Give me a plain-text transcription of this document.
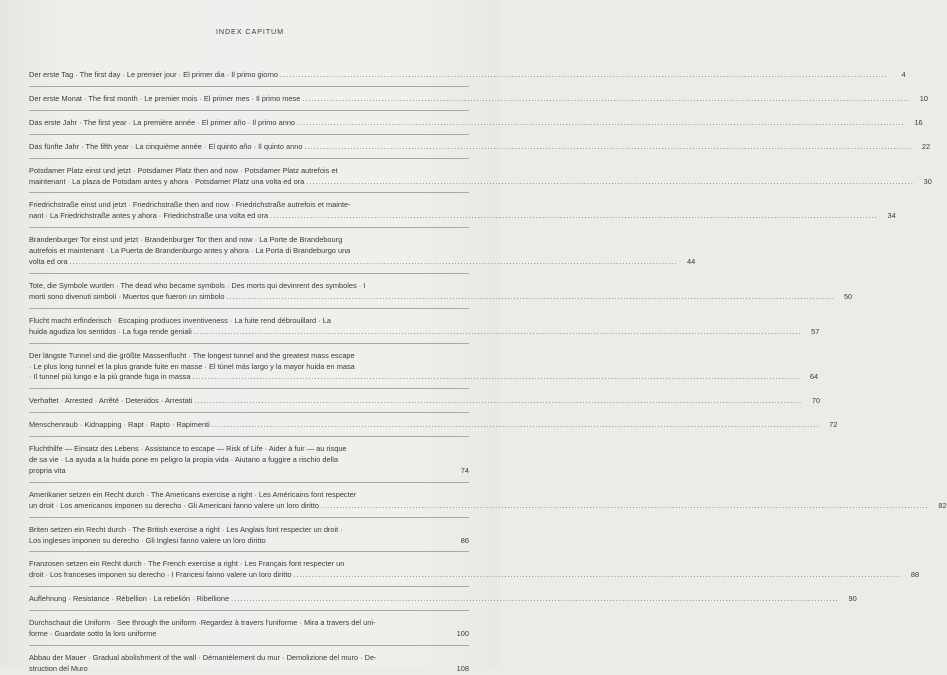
INDEX CAPITUM
Der erste Tag · The first day · Le premier jour · El primer dia · Il primo giorno .....	4
Der erste Monat · The first month · Le premier mois · El primer mes · Il primo mese .....	10
Das erste Jahr · The first year · La première année · El primer año · Il primo anno .....	16
Das fünfte Jahr · The fifth year · La cinquième année · El quinto año · Il quinto anno .....	22
Potsdamer Platz einst und jetzt · Potsdamer Platz then and now · Potsdamer Platz autrefois et
maintenant · La plaza de Potsdam antes y ahora · Potsdamer Platz una volta ed ora .....	30
Friedrichstraße einst und jetzt · Friedrichstraße then and now · Friedrichstraße autrefois et mainte-
nant · La Friedrichstraße antes y ahora · Friedrichstraße una volta ed ora .....	34
Brandenburger Tor einst und jetzt · Brandenburger Tor then and now · La Porte de Brandebourg
autrefois et maintenant · La Puerta de Brandenburgo antes y ahora · La Porta di Brandeburgo una
volta ed ora .....	44
Tote, die Symbole wurden · The dead who became symbols · Des morts qui devinrent des symboles · I
morti sono divenuti simboli · Muertos que fueron un simbolo .....	50
Flucht macht erfinderisch · Escaping produces inventiveness · La fuite rend débrouillard · La
huida agudiza los sentidos · La fuga rende geniali .....	57
Der längste Tunnel und die größte Massenflucht · The longest tunnel and the greatest mass escape
· Le plus long tunnel et la plus grande fuite en masse · El túnel más largo y la mayor huida en masa
· Il tunnel più lungo e la più grande fuga in massa .....	64
Verhaftet · Arrested · Arrêté · Detenidos · Arrestati .....	70
Menschenraub · Kidnapping · Rapt · Rapto · Rapimenti .....	72
Fluchthilfe — Einsatz des Lebens · Assistance to escape — Risk of Life · Aider à fuir — au risque
de sa vie · La ayuda a la huida pone en peligro la propia vida · Aiutano a fuggire a rischio della
propria vita	74
Amerikaner setzen ein Recht durch · The Americans exercise a right · Les Américains font respecter
un droit · Los americanos imponen su derecho · Gli Americani fanno valere un loro diritto .....	82
Briten setzen ein Recht durch · The British exercise a right · Les Anglais font respecter un droit ·
Los ingleses imponen su derecho · Gli Inglesi fanno valere un loro diritto	86
Franzosen setzen ein Recht durch · The French exercise a right · Les Français font respecter un
droit · Los franceses imponen su derecho · I Francesi fanno valere un loro diritto .....	88
Auflehnung · Resistance · Rébellion · La rebelión · Ribellione .....	90
Durchschaut die Uniform · See through the uniform ·Regardez à travers l'uniforme · Mira a travers del uni-
forme · Guardate sotto la loro uniforme	100
Abbau der Mauer · Gradual abolishment of the wall · Démantèlement du mur · Demolizione del muro · De-
struction del Muro	108
